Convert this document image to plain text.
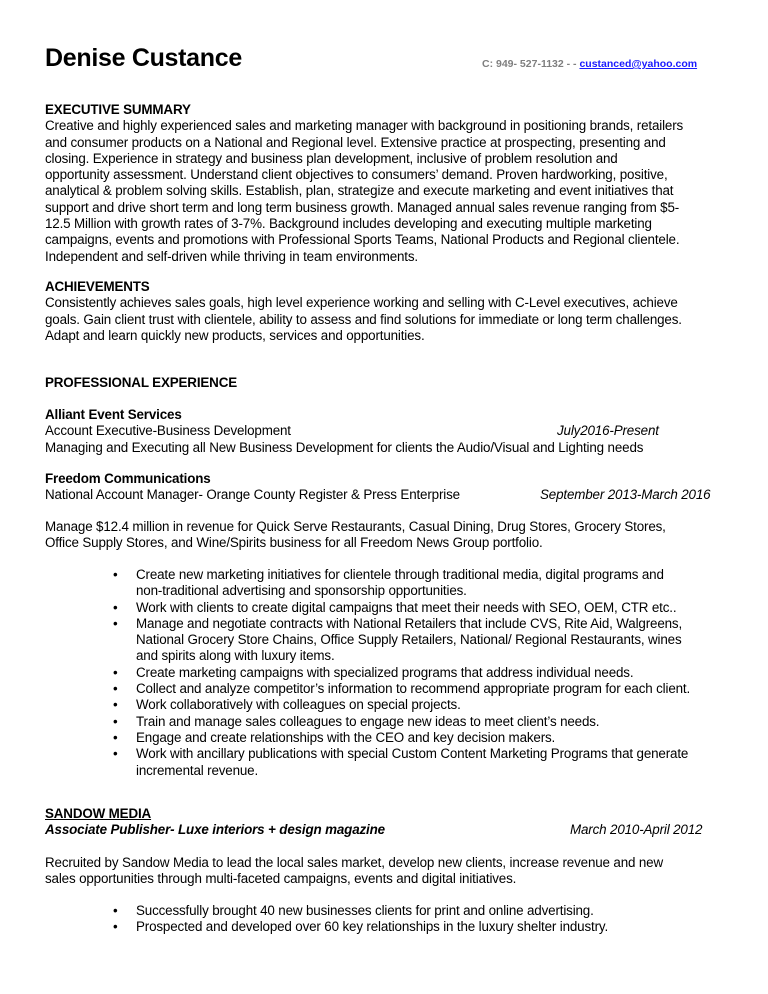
Denise Custance	C: 949- 527-1132 - - custanced@yahoo.com
EXECUTIVE SUMMARY
Creative and highly experienced sales and marketing manager with background in positioning brands, retailers
and consumer products on a National and Regional level. Extensive practice at prospecting, presenting and
closing. Experience in strategy and business plan development, inclusive of problem resolution and
opportunity assessment. Understand client objectives to consumers’ demand. Proven hardworking, positive,
analytical & problem solving skills. Establish, plan, strategize and execute marketing and event initiatives that
support and drive short term and long term business growth. Managed annual sales revenue ranging from $5-
12.5 Million with growth rates of 3-7%. Background includes developing and executing multiple marketing
campaigns, events and promotions with Professional Sports Teams, National Products and Regional clientele.
Independent and self-driven while thriving in team environments.
ACHIEVEMENTS
Consistently achieves sales goals, high level experience working and selling with C-Level executives, achieve
goals. Gain client trust with clientele, ability to assess and find solutions for immediate or long term challenges.
Adapt and learn quickly new products, services and opportunities.
PROFESSIONAL EXPERIENCE
Alliant Event Services
Account Executive-Business Development	July2016-Present
Managing and Executing all New Business Development for clients the Audio/Visual and Lighting needs
Freedom Communications
National Account Manager- Orange County Register & Press Enterprise	September 2013-March 2016
Manage $12.4 million in revenue for Quick Serve Restaurants, Casual Dining, Drug Stores, Grocery Stores,
Office Supply Stores, and Wine/Spirits business for all Freedom News Group portfolio.
• Create new marketing initiatives for clientele through traditional media, digital programs and
non-traditional advertising and sponsorship opportunities.
• Work with clients to create digital campaigns that meet their needs with SEO, OEM, CTR etc..
• Manage and negotiate contracts with National Retailers that include CVS, Rite Aid, Walgreens,
National Grocery Store Chains, Office Supply Retailers, National/ Regional Restaurants, wines
and spirits along with luxury items.
• Create marketing campaigns with specialized programs that address individual needs.
• Collect and analyze competitor’s information to recommend appropriate program for each client.
• Work collaboratively with colleagues on special projects.
• Train and manage sales colleagues to engage new ideas to meet client’s needs.
• Engage and create relationships with the CEO and key decision makers.
• Work with ancillary publications with special Custom Content Marketing Programs that generate
incremental revenue.
SANDOW MEDIA
Associate Publisher- Luxe interiors + design magazine	March 2010-April 2012
Recruited by Sandow Media to lead the local sales market, develop new clients, increase revenue and new
sales opportunities through multi-faceted campaigns, events and digital initiatives.
• Successfully brought 40 new businesses clients for print and online advertising.
• Prospected and developed over 60 key relationships in the luxury shelter industry.
